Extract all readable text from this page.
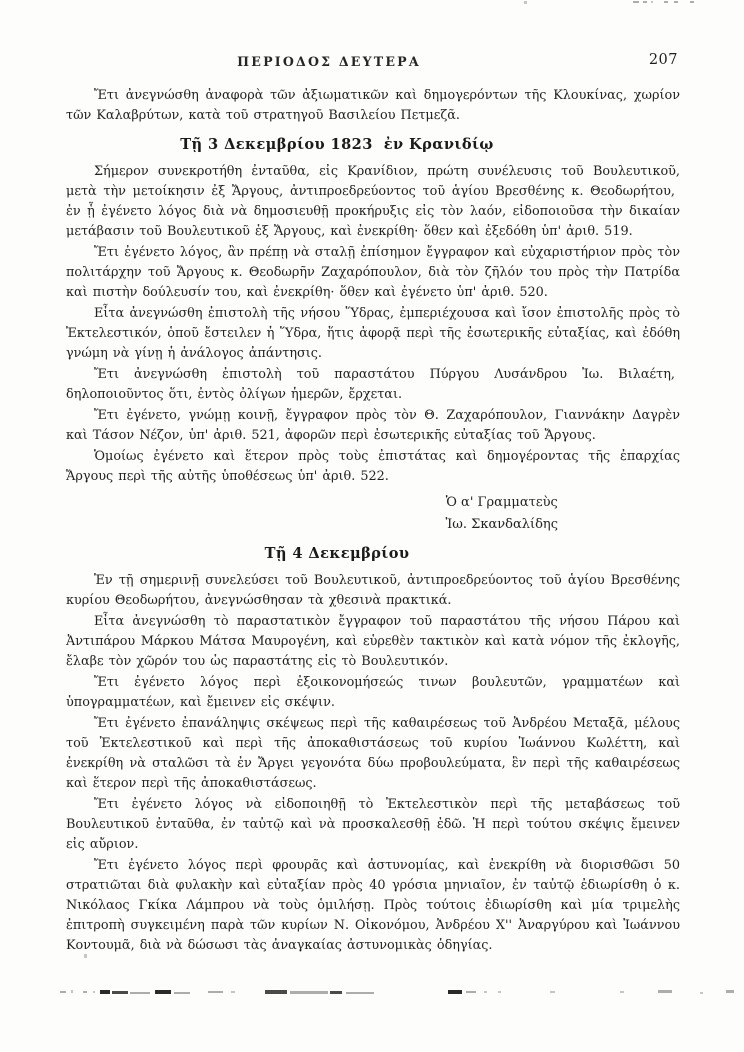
ΠΕΡΙΟΔΟΣ ΔΕΥΤΕΡΑ	207

Ἔτι ἀνεγνώσθη ἀναφορὰ τῶν ἀξιωματικῶν καὶ δημογερόντων τῆς Κλουκίνας, χωρίον τῶν Καλαβρύτων, κατὰ τοῦ στρατηγοῦ Βασιλείου Πετμεζᾶ.

Τῇ 3 Δεκεμβρίου 1823  ἐν Κρανιδίῳ

Σήμερον συνεκροτήθη ἐνταῦθα, εἰς Κρανίδιον, πρώτη συνέλευσις τοῦ Βουλευτικοῦ, μετὰ τὴν μετοίκησιν ἐξ Ἄργους, ἀντιπροεδρεύοντος τοῦ ἁγίου Βρεσθένης κ. Θεοδωρήτου,  ἐν ᾗ ἐγένετο λόγος διὰ νὰ δημοσιευθῇ προκήρυξις εἰς τὸν λαόν, εἰδοποιοῦσα τὴν δικαίαν μετάβασιν τοῦ Βουλευτικοῦ ἐξ Ἄργους, καὶ ἐνεκρίθη· ὅθεν καὶ ἐξεδόθη ὑπ' ἀριθ. 519.

Ἔτι ἐγένετο λόγος, ἂν πρέπῃ νὰ σταλῇ ἐπίσημον ἔγγραφον καὶ εὐχαριστήριον πρὸς τὸν πολιτάρχην τοῦ Ἄργους κ. Θεοδωρῆν Ζαχαρόπουλον, διὰ τὸν ζῆλόν του πρὸς τὴν Πατρίδα καὶ πιστὴν δούλευσίν του, καὶ ἐνεκρίθη· ὅθεν καὶ ἐγένετο ὑπ' ἀριθ. 520.

Εἶτα ἀνεγνώσθη ἐπιστολὴ τῆς νήσου Ὕδρας, ἐμπεριέχουσα καὶ ἴσον ἐπιστολῆς πρὸς τὸ Ἐκτελεστικόν, ὁποῦ ἔστειλεν ἡ Ὕδρα, ἥτις ἀφορᾷ περὶ τῆς ἐσωτερικῆς εὐταξίας, καὶ ἐδόθη γνώμη νὰ γίνῃ ἡ ἀνάλογος ἀπάντησις.

Ἔτι ἀνεγνώσθη ἐπιστολὴ τοῦ παραστάτου Πύργου Λυσάνδρου Ἰω. Βιλαέτη,  δηλοποιοῦντος ὅτι, ἐντὸς ὀλίγων ἡμερῶν, ἔρχεται.

Ἔτι ἐγένετο, γνώμῃ κοινῇ, ἔγγραφον πρὸς τὸν Θ. Ζαχαρόπουλον, Γιαννάκην Δαγρὲν καὶ Τάσον Νέζον, ὑπ' ἀριθ. 521, ἀφορῶν περὶ ἐσωτερικῆς εὐταξίας τοῦ Ἄργους.

Ὁμοίως ἐγένετο καὶ ἕτερον πρὸς τοὺς ἐπιστάτας καὶ δημογέροντας τῆς ἐπαρχίας Ἄργους περὶ τῆς αὐτῆς ὑποθέσεως ὑπ' ἀριθ. 522.

Ὁ α' Γραμματεὺς
Ἰω. Σκανδαλίδης
Τῇ 4 Δεκεμβρίου

Ἐν τῇ σημερινῇ συνελεύσει τοῦ Βουλευτικοῦ, ἀντιπροεδρεύοντος τοῦ ἁγίου Βρεσθένης κυρίου Θεοδωρήτου, ἀνεγνώσθησαν τὰ χθεσινὰ πρακτικά.

Εἶτα ἀνεγνώσθη τὸ παραστατικὸν ἔγγραφον τοῦ παραστάτου τῆς νήσου Πάρου καὶ Ἀντιπάρου Μάρκου Μάτσα Μαυρογένη, καὶ εὑρεθὲν τακτικὸν καὶ κατὰ νόμον τῆς ἐκλογῆς, ἔλαβε τὸν χῶρόν του ὡς παραστάτης εἰς τὸ Βουλευτικόν.

Ἔτι ἐγένετο λόγος περὶ ἐξοικονομήσεώς τινων βουλευτῶν, γραμματέων καὶ ὑπογραμματέων, καὶ ἔμεινεν εἰς σκέψιν.

Ἔτι ἐγένετο ἐπανάληψις σκέψεως περὶ τῆς καθαιρέσεως τοῦ Ἀνδρέου Μεταξᾶ, μέλους τοῦ Ἐκτελεστικοῦ καὶ περὶ τῆς ἀποκαθιστάσεως τοῦ κυρίου Ἰωάννου Κωλέττη, καὶ ἐνεκρίθη νὰ σταλῶσι τὰ ἐν Ἄργει γεγονότα δύω προβουλεύματα, ἓν περὶ τῆς καθαιρέσεως καὶ ἕτερον περὶ τῆς ἀποκαθιστάσεως.

Ἔτι ἐγένετο λόγος νὰ εἰδοποιηθῇ τὸ Ἐκτελεστικὸν περὶ τῆς μεταβάσεως τοῦ Βουλευτικοῦ ἐνταῦθα, ἐν ταὐτῷ καὶ νὰ προσκαλεσθῇ ἐδῶ. Ἡ περὶ τούτου σκέψις ἔμεινεν εἰς αὔριον.

Ἔτι ἐγένετο λόγος περὶ φρουρᾶς καὶ ἀστυνομίας, καὶ ἐνεκρίθη νὰ διορισθῶσι 50 στρατιῶται διὰ φυλακὴν καὶ εὐταξίαν πρὸς 40 γρόσια μηνιαῖον, ἐν ταὐτῷ ἐδιωρίσθη ὁ κ. Νικόλαος Γκίκα Λάμπρου νὰ τοὺς ὁμιλήσῃ. Πρὸς τούτοις ἐδιωρίσθη καὶ μία τριμελὴς ἐπιτροπὴ συγκειμένη παρὰ τῶν κυρίων Ν. Οἰκονόμου, Ἀνδρέου Χ'' Ἀναργύρου καὶ Ἰωάννου Κοντουμᾶ, διὰ νὰ δώσωσι τὰς ἀναγκαίας ἀστυνομικὰς ὁδηγίας.
